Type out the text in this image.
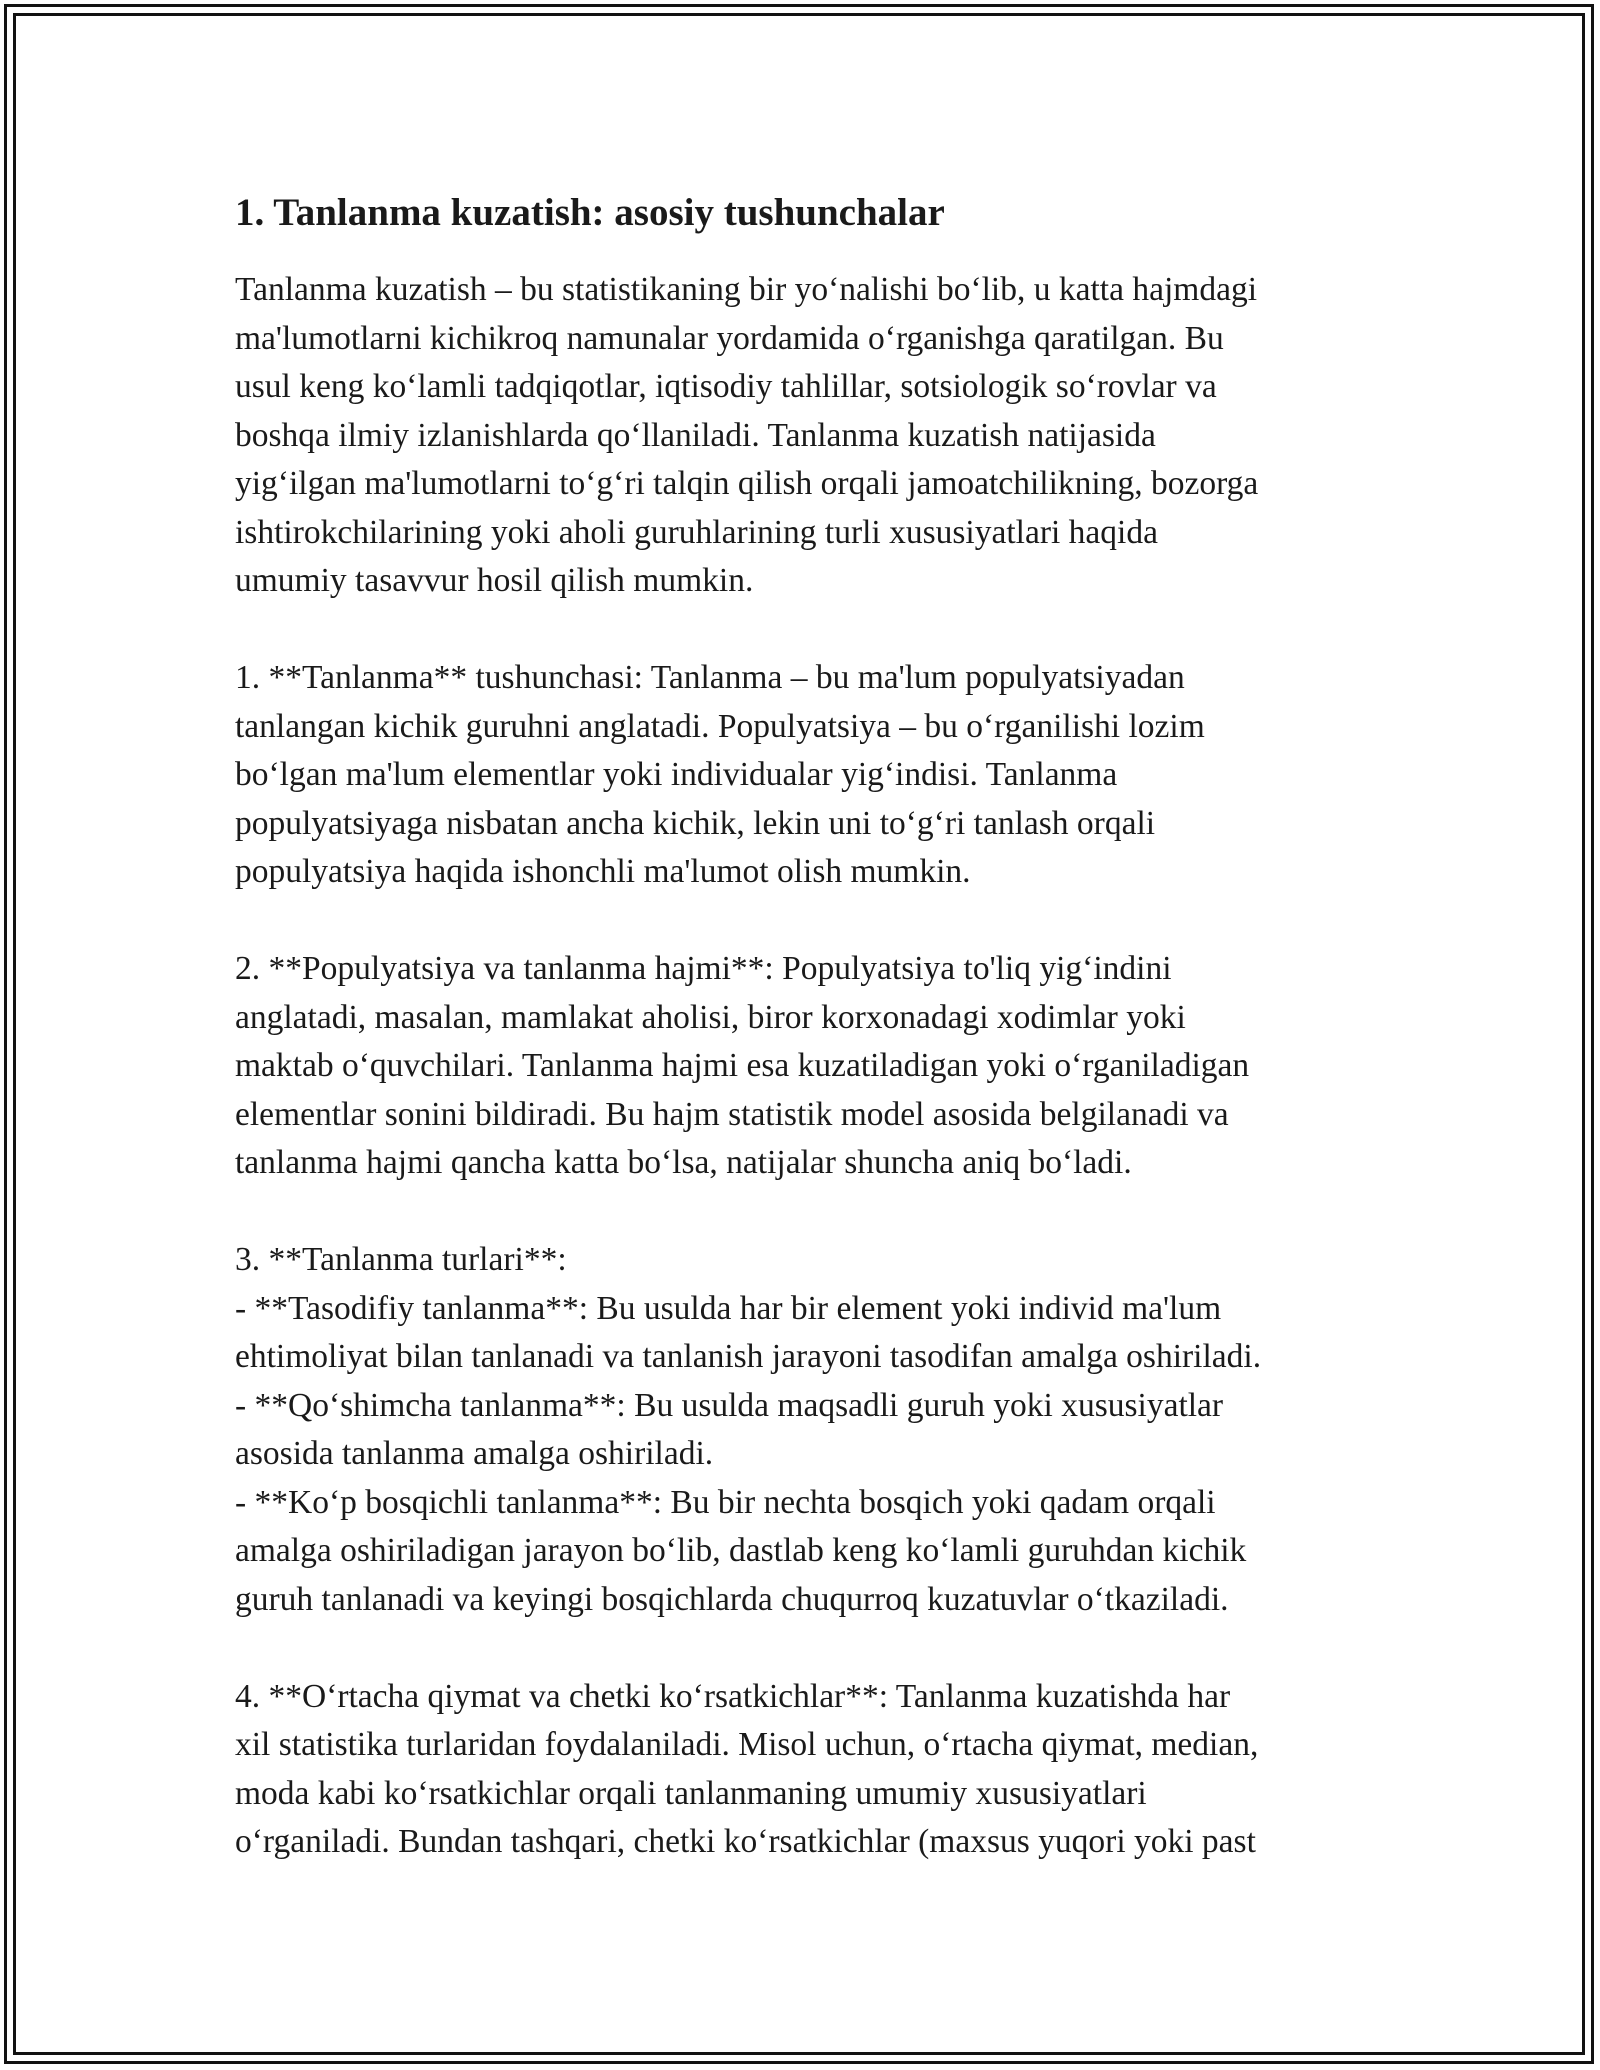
1. Tanlanma kuzatish: asosiy tushunchalar

Tanlanma kuzatish – bu statistikaning bir yo‘nalishi bo‘lib, u katta hajmdagi
ma'lumotlarni kichikroq namunalar yordamida o‘rganishga qaratilgan. Bu
usul keng ko‘lamli tadqiqotlar, iqtisodiy tahlillar, sotsiologik so‘rovlar va
boshqa ilmiy izlanishlarda qo‘llaniladi. Tanlanma kuzatish natijasida
yig‘ilgan ma'lumotlarni to‘g‘ri talqin qilish orqali jamoatchilikning, bozorga
ishtirokchilarining yoki aholi guruhlarining turli xususiyatlari haqida
umumiy tasavvur hosil qilish mumkin.

1. **Tanlanma** tushunchasi: Tanlanma – bu ma'lum populyatsiyadan
tanlangan kichik guruhni anglatadi. Populyatsiya – bu o‘rganilishi lozim
bo‘lgan ma'lum elementlar yoki individualar yig‘indisi. Tanlanma
populyatsiyaga nisbatan ancha kichik, lekin uni to‘g‘ri tanlash orqali
populyatsiya haqida ishonchli ma'lumot olish mumkin.

2. **Populyatsiya va tanlanma hajmi**: Populyatsiya to'liq yig‘indini
anglatadi, masalan, mamlakat aholisi, biror korxonadagi xodimlar yoki
maktab o‘quvchilari. Tanlanma hajmi esa kuzatiladigan yoki o‘rganiladigan
elementlar sonini bildiradi. Bu hajm statistik model asosida belgilanadi va
tanlanma hajmi qancha katta bo‘lsa, natijalar shuncha aniq bo‘ladi.

3. **Tanlanma turlari**:
- **Tasodifiy tanlanma**: Bu usulda har bir element yoki individ ma'lum
ehtimoliyat bilan tanlanadi va tanlanish jarayoni tasodifan amalga oshiriladi.
- **Qo‘shimcha tanlanma**: Bu usulda maqsadli guruh yoki xususiyatlar
asosida tanlanma amalga oshiriladi.
- **Ko‘p bosqichli tanlanma**: Bu bir nechta bosqich yoki qadam orqali
amalga oshiriladigan jarayon bo‘lib, dastlab keng ko‘lamli guruhdan kichik
guruh tanlanadi va keyingi bosqichlarda chuqurroq kuzatuvlar o‘tkaziladi.

4. **O‘rtacha qiymat va chetki ko‘rsatkichlar**: Tanlanma kuzatishda har
xil statistika turlaridan foydalaniladi. Misol uchun, o‘rtacha qiymat, median,
moda kabi ko‘rsatkichlar orqali tanlanmaning umumiy xususiyatlari
o‘rganiladi. Bundan tashqari, chetki ko‘rsatkichlar (maxsus yuqori yoki past
